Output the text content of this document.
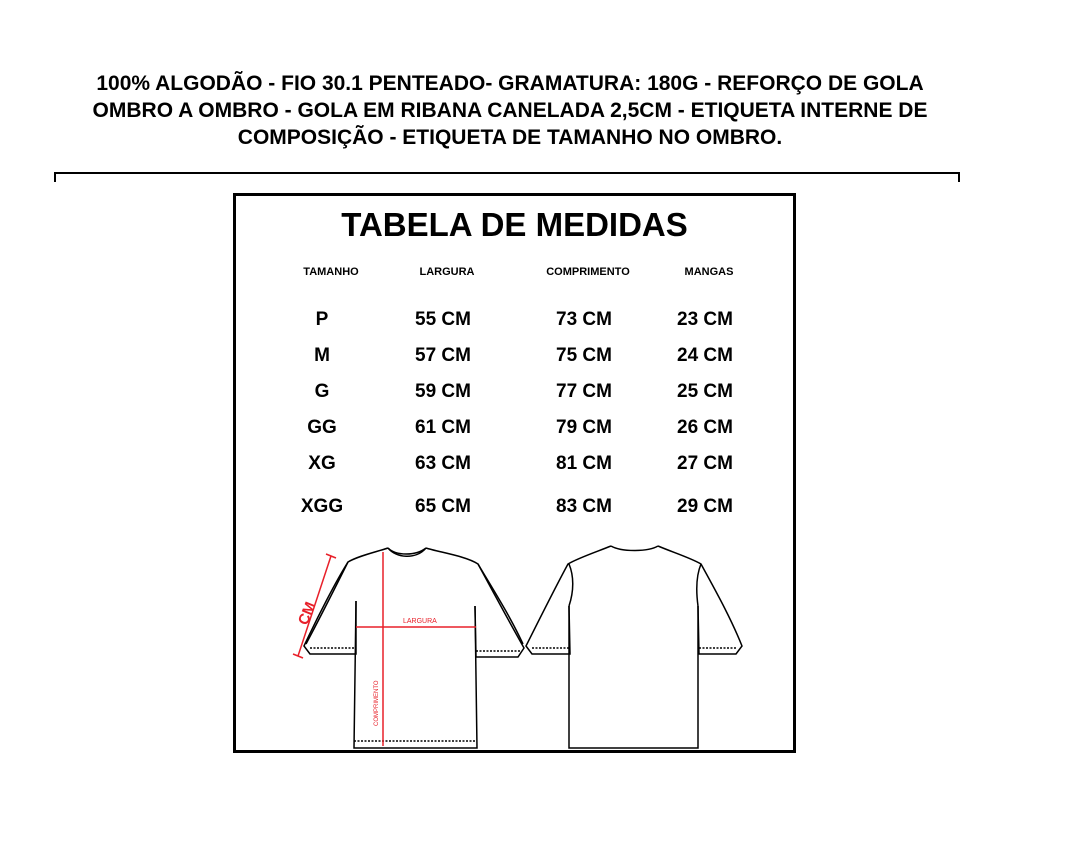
100% ALGODÃO - FIO 30.1 PENTEADO- GRAMATURA: 180G - REFORÇO DE GOLA
OMBRO A OMBRO - GOLA EM RIBANA CANELADA 2,5CM - ETIQUETA INTERNE DE
COMPOSIÇÃO - ETIQUETA DE TAMANHO NO OMBRO.
TABELA DE MEDIDAS
TAMANHO	LARGURA	COMPRIMENTO	MANGAS
P	55 CM	73 CM	23 CM
M	57 CM	75 CM	24 CM
G	59 CM	77 CM	25 CM
GG	61 CM	79 CM	26 CM
XG	63 CM	81 CM	27 CM
XGG	65 CM	83 CM	29 CM
LARGURA
COMPRIMENTO
CM
